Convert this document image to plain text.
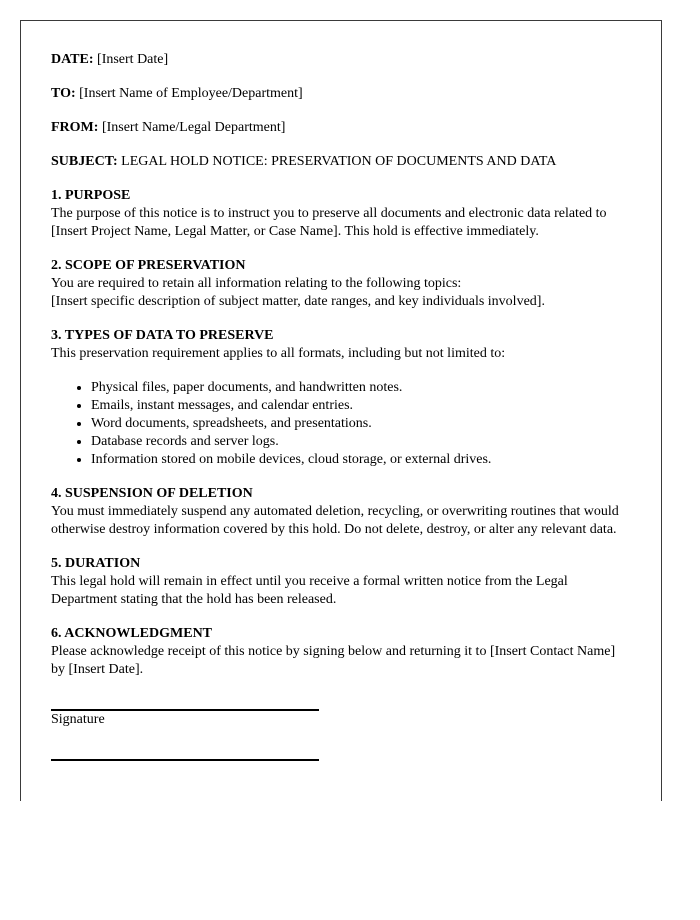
DATE: [Insert Date]

TO: [Insert Name of Employee/Department]

FROM: [Insert Name/Legal Department]

SUBJECT: LEGAL HOLD NOTICE: PRESERVATION OF DOCUMENTS AND DATA

1. PURPOSE
The purpose of this notice is to instruct you to preserve all documents and electronic data related to [Insert Project Name, Legal Matter, or Case Name]. This hold is effective immediately.

2. SCOPE OF PRESERVATION
You are required to retain all information relating to the following topics:
[Insert specific description of subject matter, date ranges, and key individuals involved].

3. TYPES OF DATA TO PRESERVE
This preservation requirement applies to all formats, including but not limited to:

• Physical files, paper documents, and handwritten notes.
• Emails, instant messages, and calendar entries.
• Word documents, spreadsheets, and presentations.
• Database records and server logs.
• Information stored on mobile devices, cloud storage, or external drives.

4. SUSPENSION OF DELETION
You must immediately suspend any automated deletion, recycling, or overwriting routines that would otherwise destroy information covered by this hold. Do not delete, destroy, or alter any relevant data.

5. DURATION
This legal hold will remain in effect until you receive a formal written notice from the Legal Department stating that the hold has been released.

6. ACKNOWLEDGMENT
Please acknowledge receipt of this notice by signing below and returning it to [Insert Contact Name] by [Insert Date].

Signature
